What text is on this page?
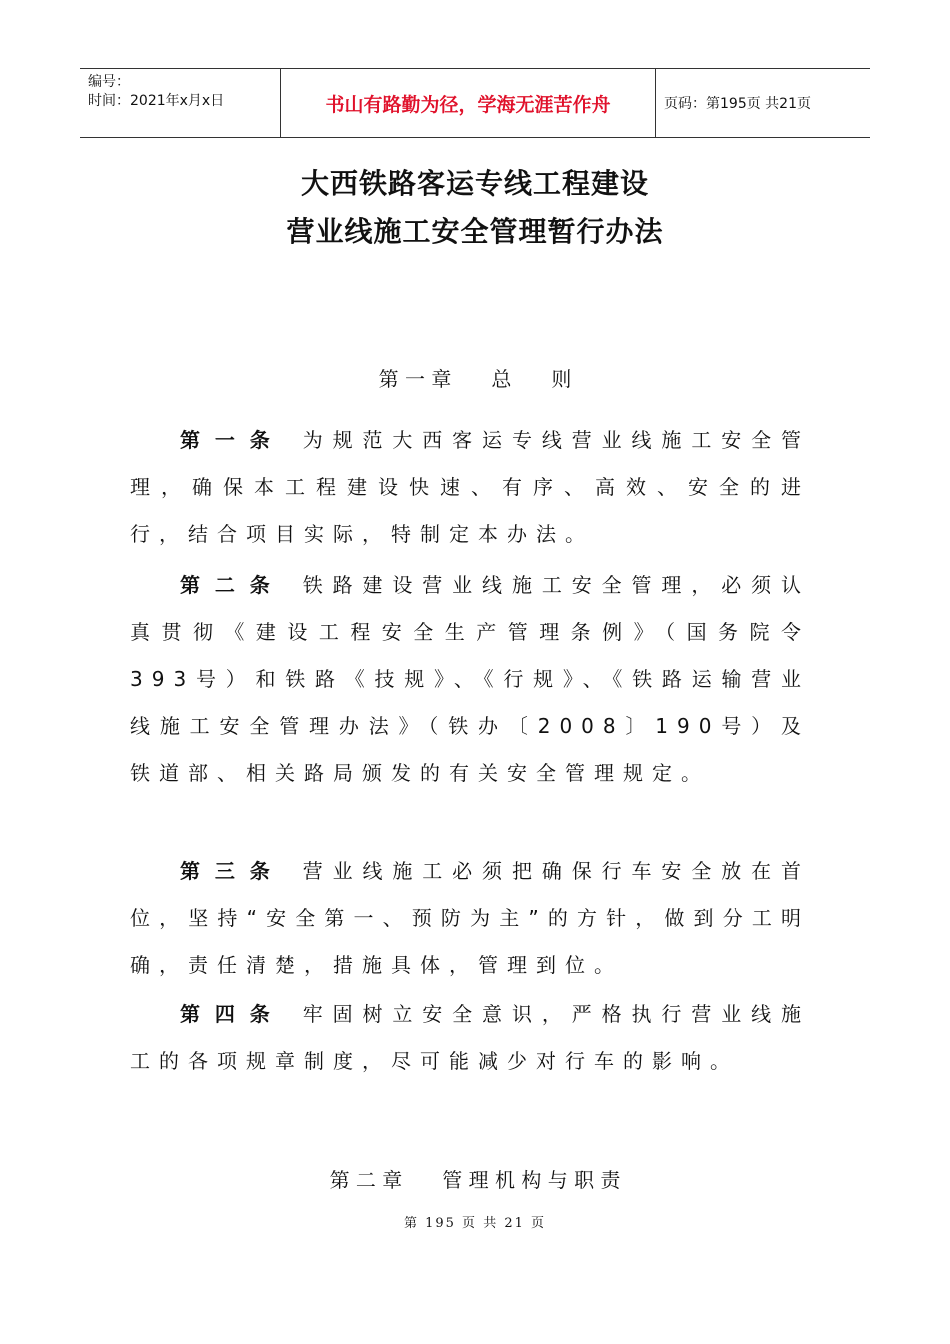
编号：
时间：2021年x月x日	书山有路勤为径，学海无涯苦作舟	页码：第195页 共21页
大西铁路客运专线工程建设
营业线施工安全管理暂行办法
第 一 章　　总　　则
第一条 为规范大西客运专线营业线施工安全管理，确保本工程建设快速、有序、高效、安全的进行，结合项目实际，特制定本办法。
第二条 铁路建设营业线施工安全管理，必须认真贯彻《建设工程安全生产管理条例》（国务院令393号）和铁路《技规》、《行规》、《铁路运输营业线施工安全管理办法》（铁办〔2008〕190号）及铁道部、相关路局颁发的有关安全管理规定。
第三条 营业线施工必须把确保行车安全放在首位，坚持“安全第一、预防为主”的方针，做到分工明确，责任清楚，措施具体，管理到位。
第四条 牢固树立安全意识，严格执行营业线施工的各项规章制度，尽可能减少对行车的影响。
第 二 章　　管 理 机 构 与 职 责
第 195 页 共 21 页
